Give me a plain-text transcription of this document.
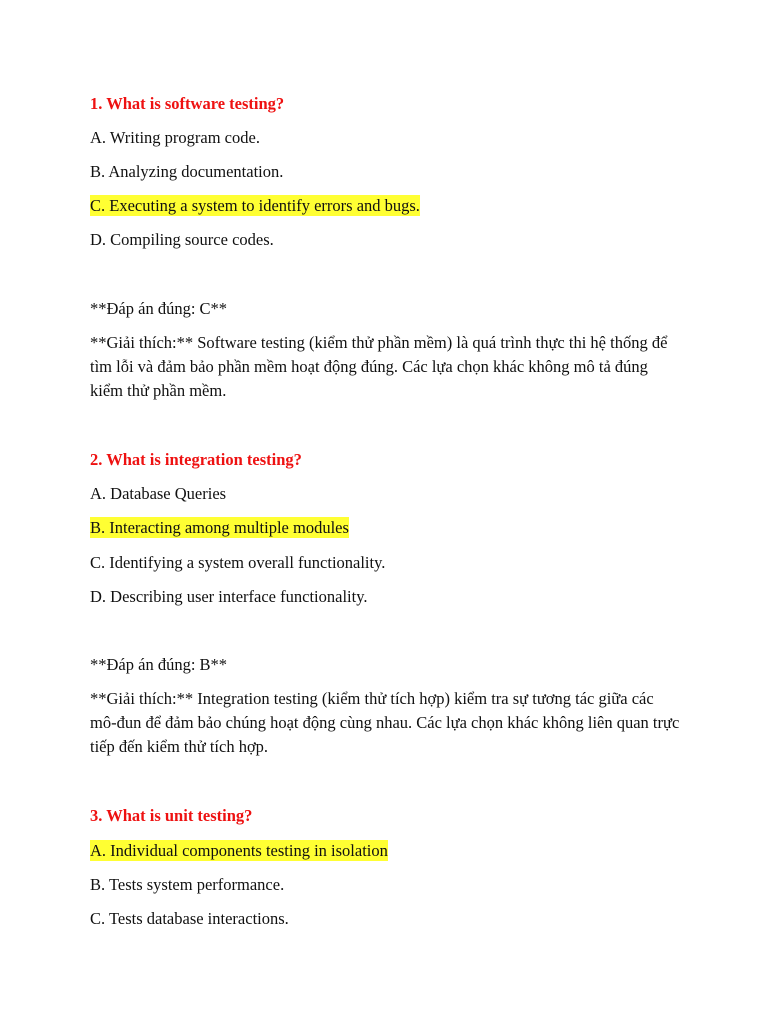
1. What is software testing?
A. Writing program code.
B. Analyzing documentation.
C. Executing a system to identify errors and bugs.
D. Compiling source codes.
**Đáp án đúng: C**
**Giải thích:** Software testing (kiểm thử phần mềm) là quá trình thực thi hệ thống để tìm lỗi và đảm bảo phần mềm hoạt động đúng. Các lựa chọn khác không mô tả đúng kiểm thử phần mềm.
2. What is integration testing?
A. Database Queries
B. Interacting among multiple modules
C. Identifying a system overall functionality.
D. Describing user interface functionality.
**Đáp án đúng: B**
**Giải thích:** Integration testing (kiểm thử tích hợp) kiểm tra sự tương tác giữa các mô-đun để đảm bảo chúng hoạt động cùng nhau. Các lựa chọn khác không liên quan trực tiếp đến kiểm thử tích hợp.
3. What is unit testing?
A. Individual components testing in isolation
B. Tests system performance.
C. Tests database interactions.
